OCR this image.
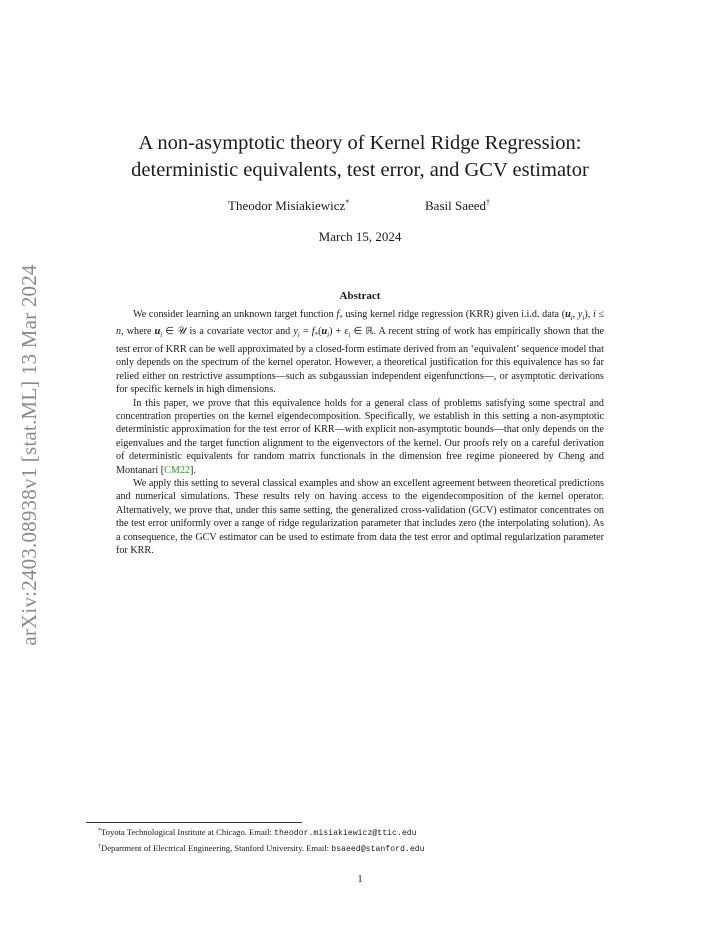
arXiv:2403.08938v1 [stat.ML] 13 Mar 2024
A non-asymptotic theory of Kernel Ridge Regression:
deterministic equivalents, test error, and GCV estimator
Theodor Misiakiewicz*	Basil Saeed†
March 15, 2024
Abstract

We consider learning an unknown target function $f_*$ using kernel ridge regression (KRR) given i.i.d. data ($u_i$, $y_i$), i ≤ n, where $u_i$ ∈ 𝒰 is a covariate vector and $y_i = f_*(u_i) + \varepsilon_i$ ∈ ℝ. A recent string of work has empirically shown that the test error of KRR can be well approximated by a closed-form estimate derived from an ‘equivalent’ sequence model that only depends on the spectrum of the kernel operator. However, a theoretical justification for this equivalence has so far relied either on restrictive assumptions—such as subgaussian independent eigenfunctions—, or asymptotic derivations for specific kernels in high dimensions.

In this paper, we prove that this equivalence holds for a general class of problems satisfying some spectral and concentration properties on the kernel eigendecomposition. Specifically, we establish in this setting a non-asymptotic deterministic approximation for the test error of KRR—with explicit non-asymptotic bounds—that only depends on the eigenvalues and the target function alignment to the eigenvectors of the kernel. Our proofs rely on a careful derivation of deterministic equivalents for random matrix functionals in the dimension free regime pioneered by Cheng and Montanari [CM22].

We apply this setting to several classical examples and show an excellent agreement between theoretical predictions and numerical simulations. These results rely on having access to the eigendecomposition of the kernel operator. Alternatively, we prove that, under this same setting, the generalized cross-validation (GCV) estimator concentrates on the test error uniformly over a range of ridge regularization parameter that includes zero (the interpolating solution). As a consequence, the GCV estimator can be used to estimate from data the test error and optimal regularization parameter for KRR.

*Toyota Technological Institute at Chicago. Email: theodor.misiakiewicz@ttic.edu
†Department of Electrical Engineering, Stanford University. Email: bsaeed@stanford.edu
1
